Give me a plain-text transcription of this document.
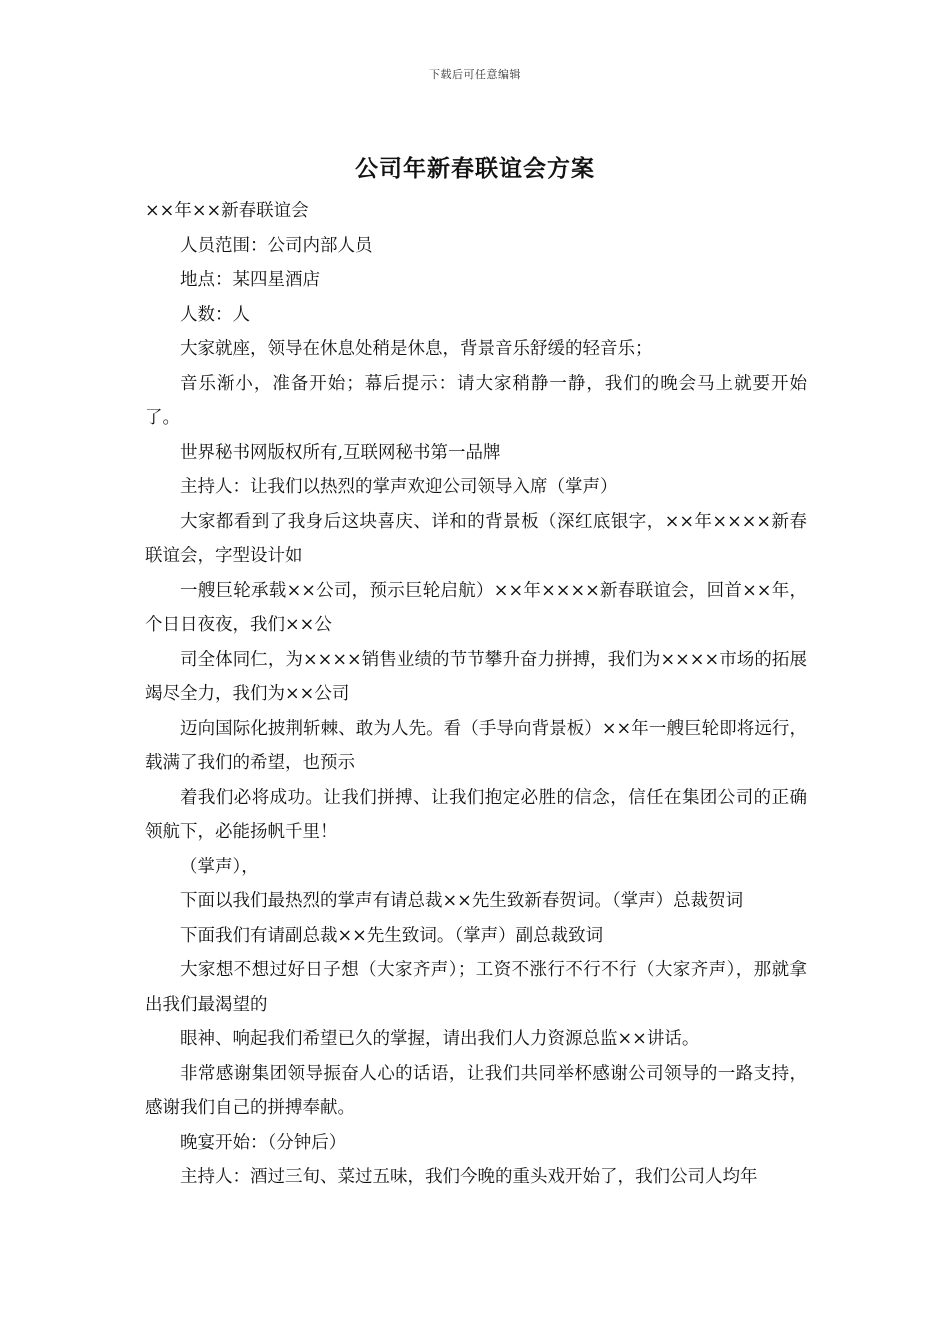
下载后可任意编辑
公司年新春联谊会方案

××年××新春联谊会

人员范围：公司内部人员

地点：某四星酒店

人数：人

大家就座，领导在休息处稍是休息，背景音乐舒缓的轻音乐；

音乐渐小，准备开始；幕后提示：请大家稍静一静，我们的晚会马上就要开始了。

世界秘书网版权所有,互联网秘书第一品牌

主持人：让我们以热烈的掌声欢迎公司领导入席（掌声）

大家都看到了我身后这块喜庆、详和的背景板（深红底银字，××年××××新春联谊会，字型设计如

一艘巨轮承载××公司，预示巨轮启航）××年××××新春联谊会，回首××年，个日日夜夜，我们××公

司全体同仁，为××××销售业绩的节节攀升奋力拼搏，我们为××××市场的拓展竭尽全力，我们为××公司

迈向国际化披荆斩棘、敢为人先。看（手导向背景板）××年一艘巨轮即将远行，载满了我们的希望，也预示

着我们必将成功。让我们拼搏、让我们抱定必胜的信念，信任在集团公司的正确领航下，必能扬帆千里！

（掌声），

下面以我们最热烈的掌声有请总裁××先生致新春贺词。（掌声）总裁贺词

下面我们有请副总裁××先生致词。（掌声）副总裁致词

大家想不想过好日子想（大家齐声）；工资不涨行不行不行（大家齐声），那就拿出我们最渴望的

眼神、响起我们希望已久的掌握，请出我们人力资源总监××讲话。

非常感谢集团领导振奋人心的话语，让我们共同举杯感谢公司领导的一路支持，感谢我们自己的拼搏奉献。

晚宴开始：（分钟后）

主持人：酒过三旬、菜过五味，我们今晚的重头戏开始了，我们公司人均年
